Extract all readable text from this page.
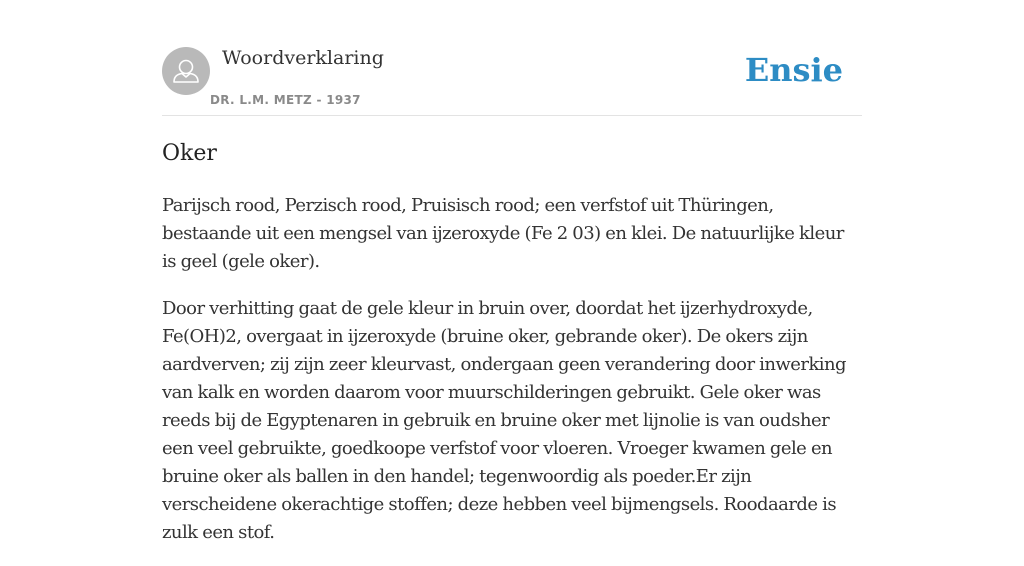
Woordverklaring
DR. L.M. METZ - 1937
Ensie
Oker

Parijsch rood, Perzisch rood, Pruisisch rood; een verfstof uit Thüringen, bestaande uit een mengsel van ijzeroxyde (Fe 2 03) en klei. De natuurlijke kleur is geel (gele oker).

Door verhitting gaat de gele kleur in bruin over, doordat het ijzerhydroxyde, Fe(OH)2, overgaat in ijzeroxyde (bruine oker, gebrande oker). De okers zijn aardverven; zij zijn zeer kleurvast, ondergaan geen verandering door inwerking van kalk en worden daarom voor muurschilderingen gebruikt. Gele oker was reeds bij de Egyptenaren in gebruik en bruine oker met lijnolie is van oudsher een veel gebruikte, goedkoope verfstof voor vloeren. Vroeger kwamen gele en bruine oker als ballen in den handel; tegenwoordig als poeder.Er zijn verscheidene okerachtige stoffen; deze hebben veel bijmengsels. Roodaarde is zulk een stof.
